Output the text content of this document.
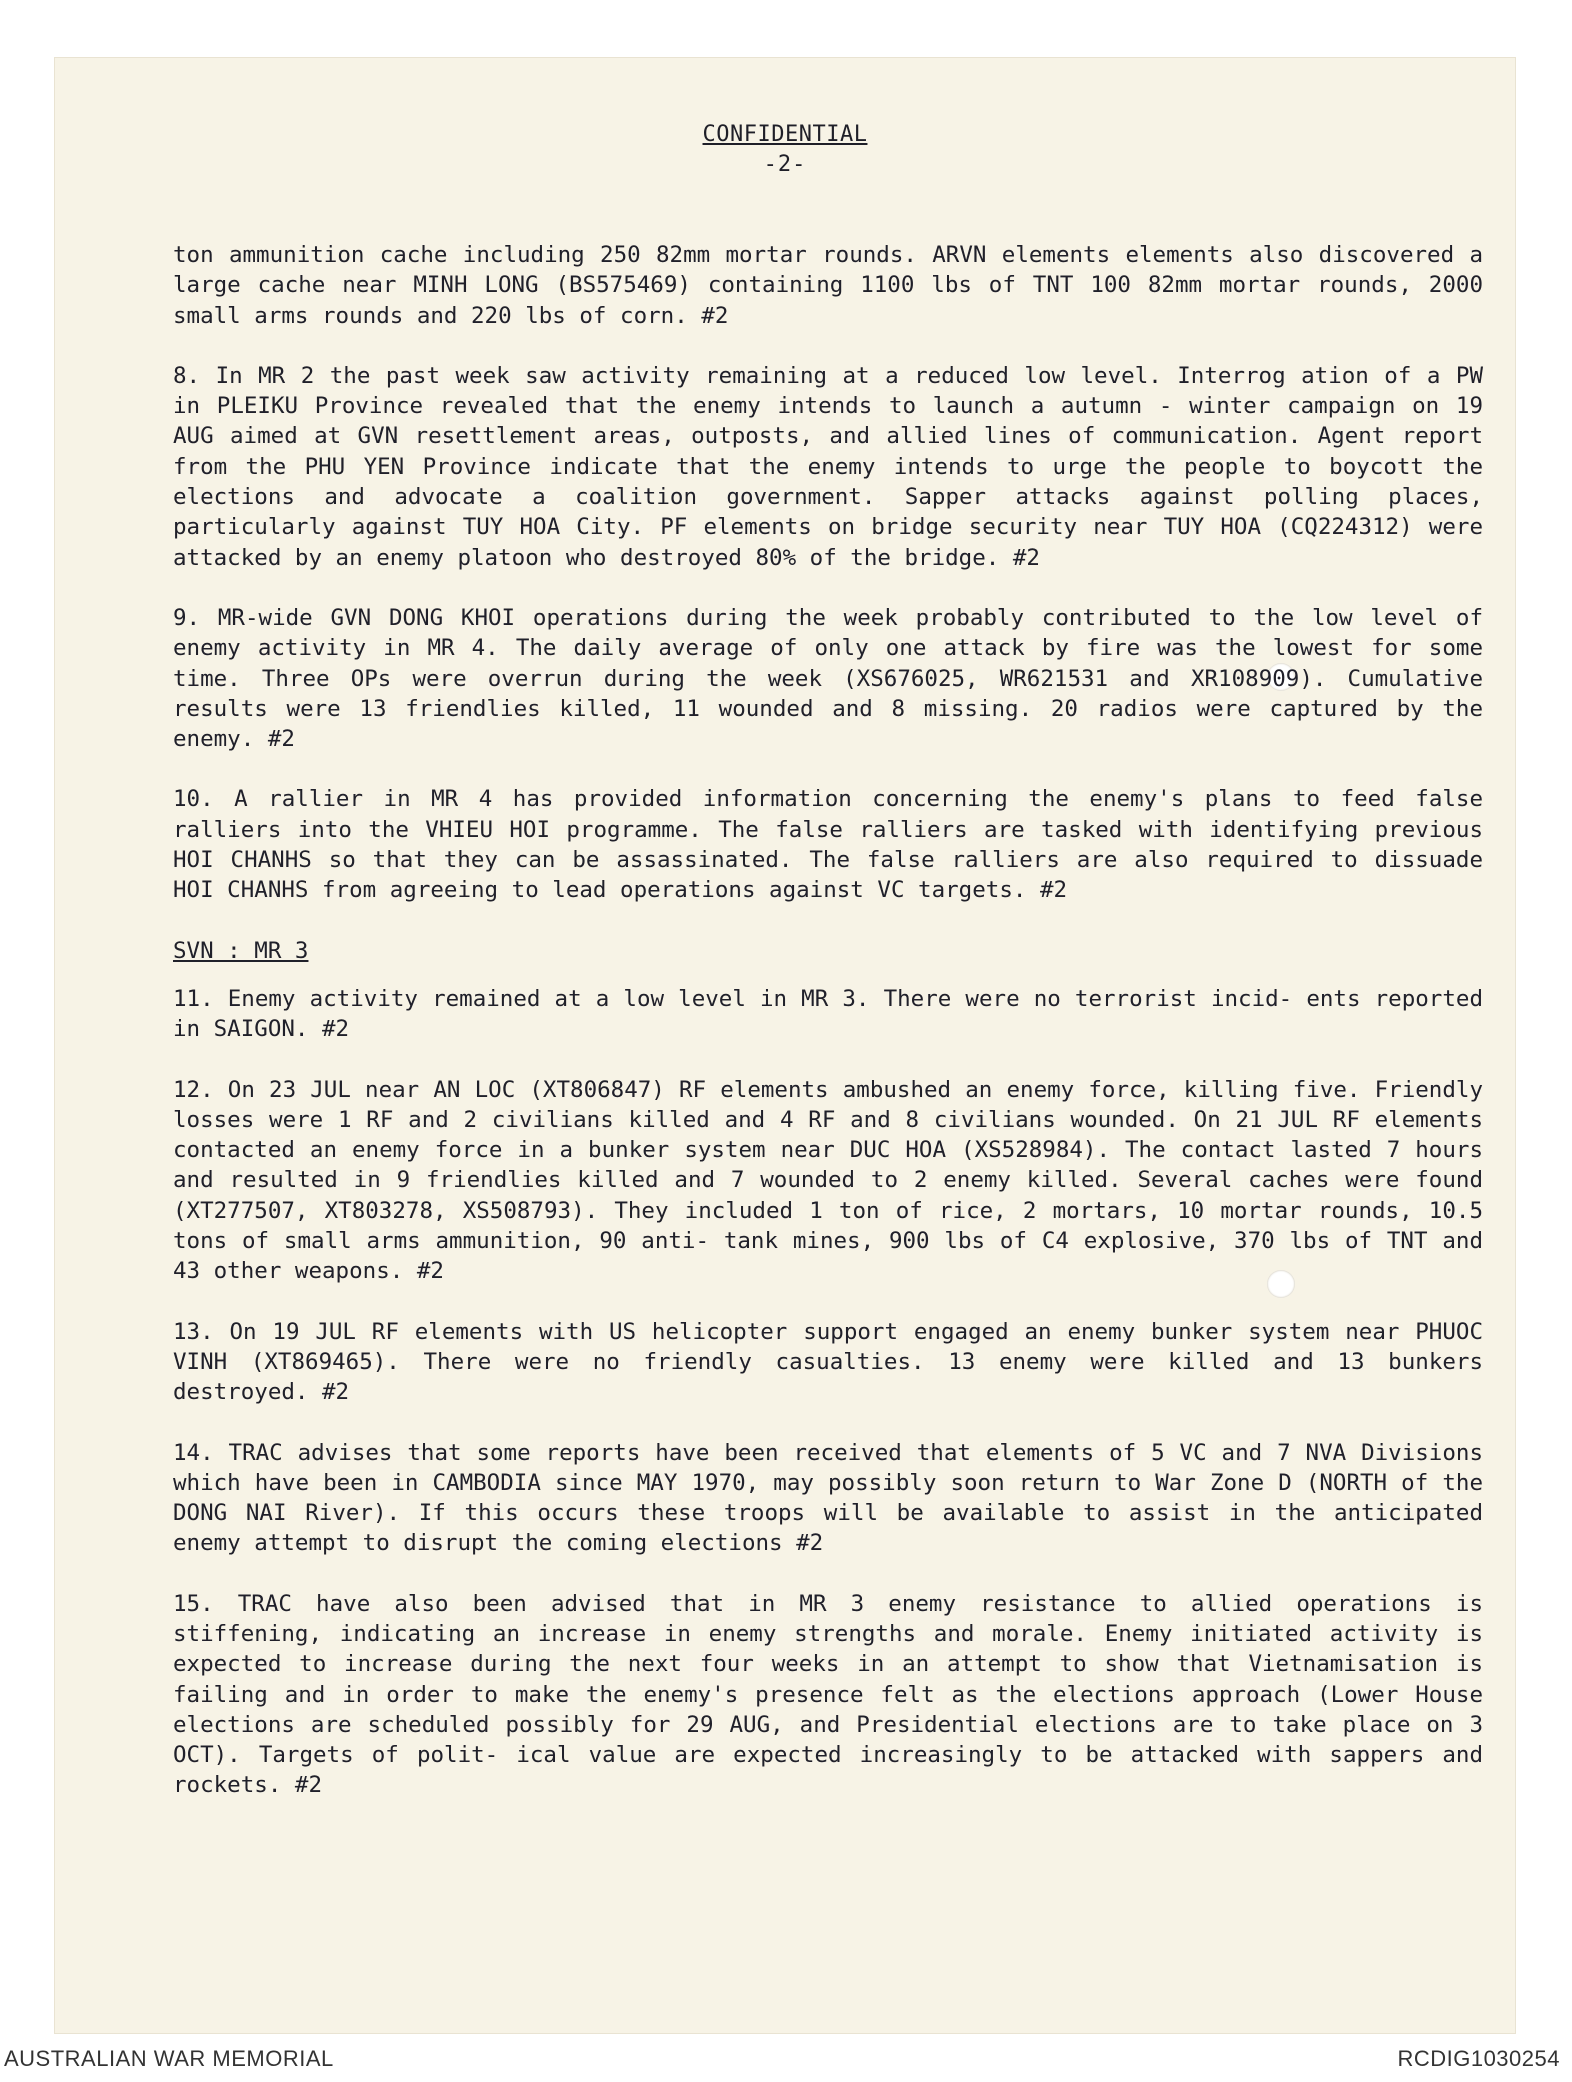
CONFIDENTIAL
-2-

ton ammunition cache including 250 82mm mortar rounds. ARVN elements elements also discovered a large cache near MINH LONG (BS575469) containing 1100 lbs of TNT 100 82mm mortar rounds, 2000 small arms rounds and 220 lbs of corn. #2

8. In MR 2 the past week saw activity remaining at a reduced low level. Interrog ation of a PW in PLEIKU Province revealed that the enemy intends to launch a autumn - winter campaign on 19 AUG aimed at GVN resettlement areas, outposts, and allied lines of communication. Agent report from the PHU YEN Province indicate that the enemy intends to urge the people to boycott the elections and advocate a coalition government. Sapper attacks against polling places, particularly against TUY HOA City. PF elements on bridge security near TUY HOA (CQ224312) were attacked by an enemy platoon who destroyed 80% of the bridge. #2

9. MR-wide GVN DONG KHOI operations during the week probably contributed to the low level of enemy activity in MR 4. The daily average of only one attack by fire was the lowest for some time. Three OPs were overrun during the week (XS676025, WR621531 and XR108909). Cumulative results were 13 friendlies killed, 11 wounded and 8 missing. 20 radios were captured by the enemy. #2

10. A rallier in MR 4 has provided information concerning the enemy's plans to feed false ralliers into the VHIEU HOI programme. The false ralliers are tasked with identifying previous HOI CHANHS so that they can be assassinated. The false ralliers are also required to dissuade HOI CHANHS from agreeing to lead operations against VC targets. #2

SVN : MR 3

11. Enemy activity remained at a low level in MR 3. There were no terrorist incid- ents reported in SAIGON. #2

12. On 23 JUL near AN LOC (XT806847) RF elements ambushed an enemy force, killing five. Friendly losses were 1 RF and 2 civilians killed and 4 RF and 8 civilians wounded. On 21 JUL RF elements contacted an enemy force in a bunker system near DUC HOA (XS528984). The contact lasted 7 hours and resulted in 9 friendlies killed and 7 wounded to 2 enemy killed. Several caches were found (XT277507, XT803278, XS508793). They included 1 ton of rice, 2 mortars, 10 mortar rounds, 10.5 tons of small arms ammunition, 90 anti- tank mines, 900 lbs of C4 explosive, 370 lbs of TNT and 43 other weapons. #2

13. On 19 JUL RF elements with US helicopter support engaged an enemy bunker system near PHUOC VINH (XT869465). There were no friendly casualties. 13 enemy were killed and 13 bunkers destroyed. #2

14. TRAC advises that some reports have been received that elements of 5 VC and 7 NVA Divisions which have been in CAMBODIA since MAY 1970, may possibly soon return to War Zone D (NORTH of the DONG NAI River). If this occurs these troops will be available to assist in the anticipated enemy attempt to disrupt the coming elections #2

15. TRAC have also been advised that in MR 3 enemy resistance to allied operations is stiffening, indicating an increase in enemy strengths and morale. Enemy initiated activity is expected to increase during the next four weeks in an attempt to show that Vietnamisation is failing and in order to make the enemy's presence felt as the elections approach (Lower House elections are scheduled possibly for 29 AUG, and Presidential elections are to take place on 3 OCT). Targets of polit- ical value are expected increasingly to be attacked with sappers and rockets. #2

AUSTRALIAN WAR MEMORIAL	RCDIG1030254
